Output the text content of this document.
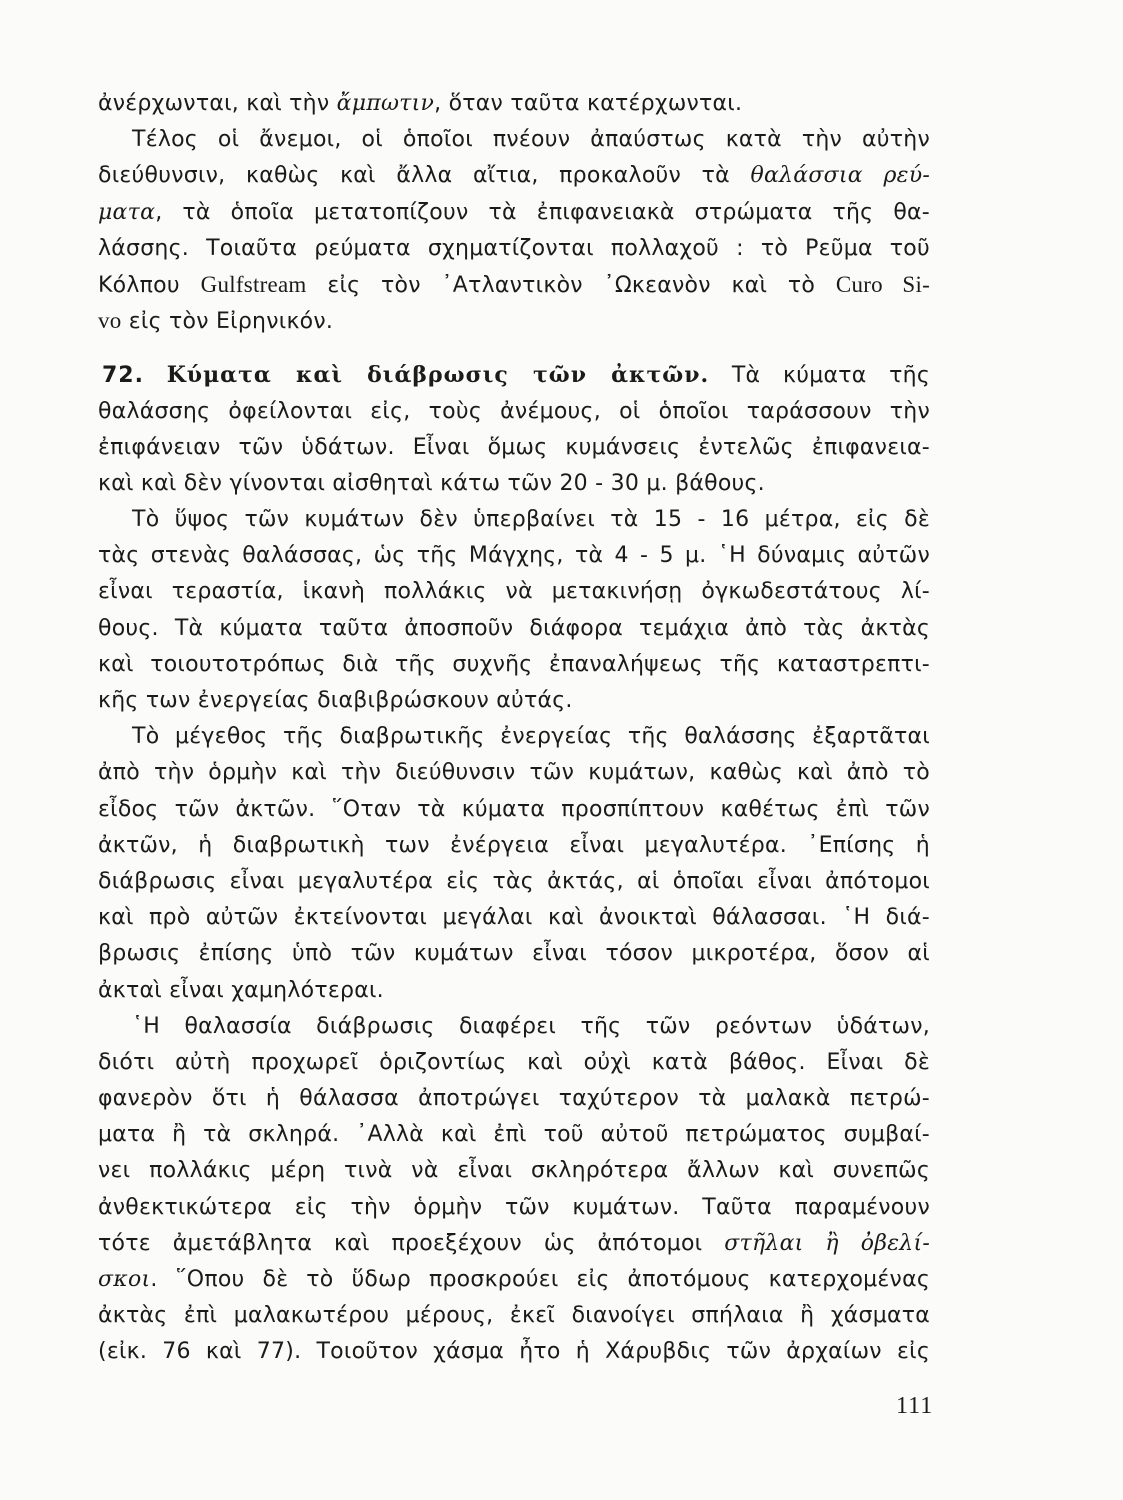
ἀνέρχωνται, καὶ τὴν ἄμπωτιν, ὅταν ταῦτα κατέρχωνται.
Τέλος οἱ ἄνεμοι, οἱ ὁποῖοι πνέουν ἀπαύστως κατὰ τὴν αὐτὴν
διεύθυνσιν, καθὼς καὶ ἄλλα αἴτια, προκαλοῦν τὰ θαλάσσια ρεύ-
ματα, τὰ ὁποῖα μετατοπίζουν τὰ ἐπιφανειακὰ στρώματα τῆς θα-
λάσσης. Τοιαῦτα ρεύματα σχηματίζονται πολλαχοῦ : τὸ Ρεῦμα τοῦ
Κόλπου Gulfstream εἰς τὸν ᾿Ατλαντικὸν ᾿Ωκεανὸν καὶ τὸ Curo Si-
vo εἰς τὸν Εἰρηνικόν.
72. Κύματα καὶ διάβρωσις τῶν ἀκτῶν. Τὰ κύματα τῆς
θαλάσσης ὀφείλονται εἰς, τοὺς ἀνέμους, οἱ ὁποῖοι ταράσσουν τὴν
ἐπιφάνειαν τῶν ὑδάτων. Εἶναι ὅμως κυμάνσεις ἐντελῶς ἐπιφανεια-
καὶ καὶ δὲν γίνονται αἰσθηταὶ κάτω τῶν 20 - 30 μ. βάθους.
Τὸ ὕψος τῶν κυμάτων δὲν ὑπερβαίνει τὰ 15 - 16 μέτρα, εἰς δὲ
τὰς στενὰς θαλάσσας, ὡς τῆς Μάγχης, τὰ 4 - 5 μ. ῾Η δύναμις αὐτῶν
εἶναι τεραστία, ἱκανὴ πολλάκις νὰ μετακινήσῃ ὀγκωδεστάτους λί-
θους. Τὰ κύματα ταῦτα ἀποσποῦν διάφορα τεμάχια ἀπὸ τὰς ἀκτὰς
καὶ τοιουτοτρόπως διὰ τῆς συχνῆς ἐπαναλήψεως τῆς καταστρεπτι-
κῆς των ἐνεργείας διαβιβρώσκουν αὐτάς.
Τὸ μέγεθος τῆς διαβρωτικῆς ἐνεργείας τῆς θαλάσσης ἐξαρτᾶται
ἀπὸ τὴν ὁρμὴν καὶ τὴν διεύθυνσιν τῶν κυμάτων, καθὼς καὶ ἀπὸ τὸ
εἶδος τῶν ἀκτῶν. ῞Οταν τὰ κύματα προσπίπτουν καθέτως ἐπὶ τῶν
ἀκτῶν, ἡ διαβρωτικὴ των ἐνέργεια εἶναι μεγαλυτέρα. ᾿Επίσης ἡ
διάβρωσις εἶναι μεγαλυτέρα εἰς τὰς ἀκτάς, αἱ ὁποῖαι εἶναι ἀπότομοι
καὶ πρὸ αὐτῶν ἐκτείνονται μεγάλαι καὶ ἀνοικταὶ θάλασσαι. ῾Η διά-
βρωσις ἐπίσης ὑπὸ τῶν κυμάτων εἶναι τόσον μικροτέρα, ὅσον αἱ
ἀκταὶ εἶναι χαμηλότεραι.
῾Η θαλασσία διάβρωσις διαφέρει τῆς τῶν ρεόντων ὑδάτων,
διότι αὐτὴ προχωρεῖ ὁριζοντίως καὶ οὐχὶ κατὰ βάθος. Εἶναι δὲ
φανερὸν ὅτι ἡ θάλασσα ἀποτρώγει ταχύτερον τὰ μαλακὰ πετρώ-
ματα ἢ τὰ σκληρά. ᾿Αλλὰ καὶ ἐπὶ τοῦ αὐτοῦ πετρώματος συμβαί-
νει πολλάκις μέρη τινὰ νὰ εἶναι σκληρότερα ἄλλων καὶ συνεπῶς
ἀνθεκτικώτερα εἰς τὴν ὁρμὴν τῶν κυμάτων. Ταῦτα παραμένουν
τότε ἀμετάβλητα καὶ προεξέχουν ὡς ἀπότομοι στῆλαι ἢ ὀβελί-
σκοι. ῞Οπου δὲ τὸ ὕδωρ προσκρούει εἰς ἀποτόμους κατερχομένας
ἀκτὰς ἐπὶ μαλακωτέρου μέρους, ἐκεῖ διανοίγει σπήλαια ἢ χάσματα
(εἰκ. 76 καὶ 77). Τοιοῦτον χάσμα ἦτο ἡ Χάρυβδις τῶν ἀρχαίων εἰς
111
